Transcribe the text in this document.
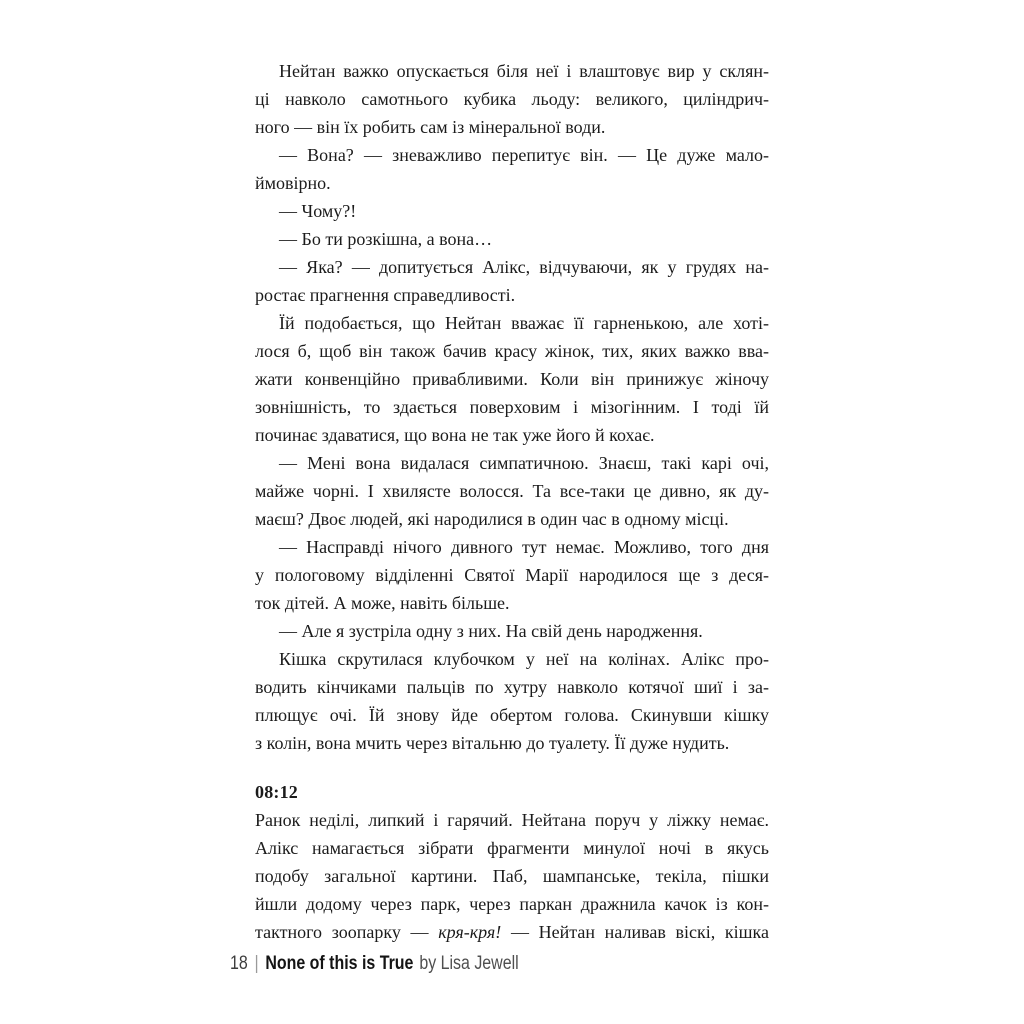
Нейтан важко опускається біля неї і влаштовує вир у склян-
ці навколо самотнього кубика льоду: великого, циліндрич-
ного — він їх робить сам із мінеральної води.
— Вона? — зневажливо перепитує він. — Це дуже мало-
ймовірно.
— Чому?!
— Бо ти розкішна, а вона…
— Яка? — допитується Алікс, відчуваючи, як у грудях на-
ростає прагнення справедливості.
Їй подобається, що Нейтан вважає її гарненькою, але хоті-
лося б, щоб він також бачив красу жінок, тих, яких важко вва-
жати конвенційно привабливими. Коли він принижує жіночу
зовнішність, то здається поверховим і мізогінним. І тоді їй
починає здаватися, що вона не так уже його й кохає.
— Мені вона видалася симпатичною. Знаєш, такі карі очі,
майже чорні. І хвилясте волосся. Та все-таки це дивно, як ду-
маєш? Двоє людей, які народилися в один час в одному місці.
— Насправді нічого дивного тут немає. Можливо, того дня
у пологовому відділенні Святої Марії народилося ще з деся-
ток дітей. А може, навіть більше.
— Але я зустріла одну з них. На свій день народження.
Кішка скрутилася клубочком у неї на колінах. Алікс про-
водить кінчиками пальців по хутру навколо котячої шиї і за-
плющує очі. Їй знову йде обертом голова. Скинувши кішку
з колін, вона мчить через вітальню до туалету. Її дуже нудить.
08:12
Ранок неділі, липкий і гарячий. Нейтана поруч у ліжку немає.
Алікс намагається зібрати фрагменти минулої ночі в якусь
подобу загальної картини. Паб, шампанське, текіла, пішки
йшли додому через парк, через паркан дражнила качок із кон-
тактного зоопарку — кря-кря! — Нейтан наливав віскі, кішка
18 | None of this is True by Lisa Jewell
